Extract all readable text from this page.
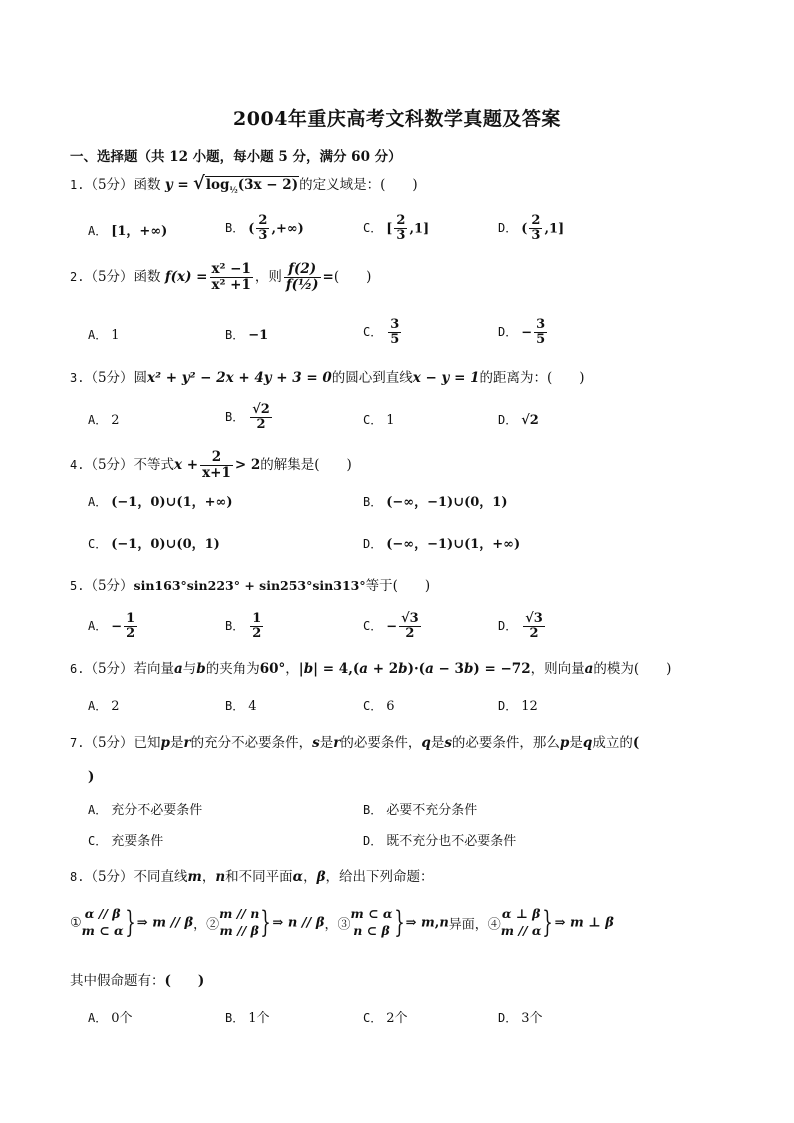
2004年重庆高考文科数学真题及答案
一、选择题（共 12 小题，每小题 5 分，满分 60 分）
1.（5分）函数 $y = √\log_{\frac{1}{2}}(3x - 2)$的定义域是：(　　)
A． [1，+∞)	B． ( $\frac{2}{3}$ ,+∞)	C． [ $\frac{2}{3} ,1$]	D． ( $\frac{2}{3} ,1$]
2.（5分）函数 $f(x) = \frac{\text{x² −1}}{\text{x² +1}}$ ，则 $\frac{f(2)}{\text{f(½)}}$ =(　　)
A． 1	B． −1	C． $\frac{3}{5}$	D． − $\frac{3}{5}$
3.（5分）圆x² + y² − 2x + 4y + 3 = 0的圆心到直线x − y = 1的距离为：(　　)
A． 2	B． $\frac{√2}{2}$	C． 1	D． √2
4.（5分）不等式$x + \frac{2}{x+1} > 2$的解集是(　　)
A． (−1，0)∪(1，+∞)	B． (−∞，−1)∪(0，1)
C． (−1，0)∪(0，1)	D． (−∞，−1)∪(1，+∞)
5.（5分）sin163°sin223° + sin253°sin313°等于(　　)
A． − $\frac{1}{2}$	B． $\frac{1}{2}$	C． − $\frac{√3}{2}$	D． $\frac{√3}{2}$
6.（5分）若向量a与b的夹角为60°，|b| = 4,(a + 2b)·(a − 3b) = −72，则向量a的模为(　　)
A． 2	B． 4	C． 6	D． 12
7.（5分）已知p是r的充分不必要条件，s是r的必要条件，q是s的必要条件，那么p是q成立的(
)
A． 充分不必要条件	B． 必要不充分条件
C． 充要条件	D． 既不充分也不必要条件
8.（5分）不同直线m，n和不同平面α，β，给出下列命题：
①α // β
m ⊂ α}⇒ m // β，②m // n
m // β}⇒ n // β，③m ⊂ α
n ⊂ β }⇒ m,n异面，④α ⊥ β
m // α}⇒ m ⊥ β
其中假命题有：(　　)
A． 0个	B． 1个	C． 2个	D． 3个
